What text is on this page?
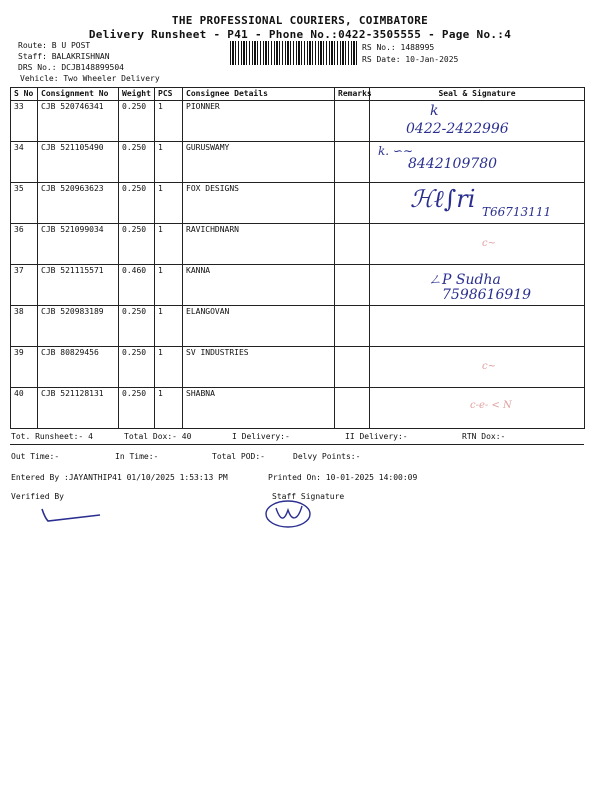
THE PROFESSIONAL COURIERS, COIMBATORE
Delivery Runsheet - P41 - Phone No.:0422-3505555 - Page No.:4
Route: B U POST
Staff: BALAKRISHNAN
DRS No.: DCJB148899504
Vehicle: Two Wheeler Delivery
RS No.: 1488995
RS Date: 10-Jan-2025
S No	Consignment No	Weight	PCS	Consignee Details	Remarks	Seal & Signature
33	CJB 520746341	0.250	1	PIONNER		k
0422-2422996

34	CJB 521105490	0.250	1	GURUSWAMY		k. ∽∼
8442109780

35	CJB 520963623	0.250	1	FOX DESIGNS		ℋℓ∫ri T66713111

36	CJB 521099034	0.250	1	RAVICHDNARN		c~

37	CJB 521115571	0.460	1	KANNA		ㄥP Sudha
7598616919

38	CJB 520983189	0.250	1	ELANGOVAN		
39	CJB 80829456	0.250	1	SV INDUSTRIES		c~

40	CJB 521128131	0.250	1	SHABNA		c-e- < N
Tot. Runsheet:- 4	Total Dox:- 40	I Delivery:-	II Delivery:-	RTN Dox:-
Out Time:-	In Time:-	Total POD:-	Delvy Points:-
Entered By :JAYANTHIP41 01/10/2025 1:53:13 PM	Printed On: 10-01-2025 14:00:09
Verified By	Staff Signature
